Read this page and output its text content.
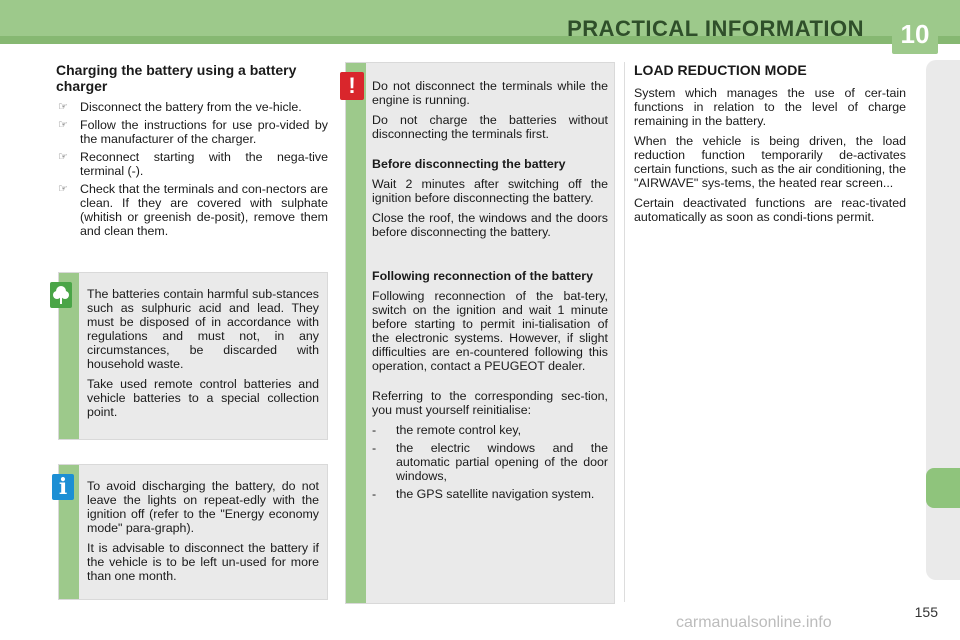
PRACTICAL INFORMATION	10
Charging the battery using a battery charger
☞ Disconnect the battery from the ve-hicle.
☞ Follow the instructions for use pro-vided by the manufacturer of the charger.
☞ Reconnect starting with the nega-tive terminal (-).
☞ Check that the terminals and con-nectors are clean. If they are covered with sulphate (whitish or greenish de-posit), remove them and clean them.

The batteries contain harmful sub-stances such as sulphuric acid and lead. They must be disposed of in accordance with regulations and must not, in any circumstances, be discarded with household waste.

Take used remote control batteries and vehicle batteries to a special collection point.

To avoid discharging the battery, do not leave the lights on repeat-edly with the ignition off (refer to the "Energy economy mode" para-graph).

It is advisable to disconnect the battery if the vehicle is to be left un-used for more than one month.

i

Do not disconnect the terminals while the engine is running.

Do not charge the batteries without disconnecting the terminals first.

Before disconnecting the battery

Wait 2 minutes after switching off the ignition before disconnecting the battery.

Close the roof, the windows and the doors before disconnecting the battery.

Following reconnection of the battery

Following reconnection of the bat-tery, switch on the ignition and wait 1 minute before starting to permit ini-tialisation of the electronic systems. However, if slight difficulties are en-countered following this operation, contact a PEUGEOT dealer.

Referring to the corresponding sec-tion, you must yourself reinitialise:

- the remote control key,
- the electric windows and the automatic partial opening of the door windows,
- the GPS satellite navigation system.
!
LOAD REDUCTION MODE

System which manages the use of cer-tain functions in relation to the level of charge remaining in the battery.

When the vehicle is being driven, the load reduction function temporarily de-activates certain functions, such as the air conditioning, the "AIRWAVE" sys-tems, the heated rear screen...

Certain deactivated functions are reac-tivated automatically as soon as condi-tions permit.

155
carmanualsonline.info
